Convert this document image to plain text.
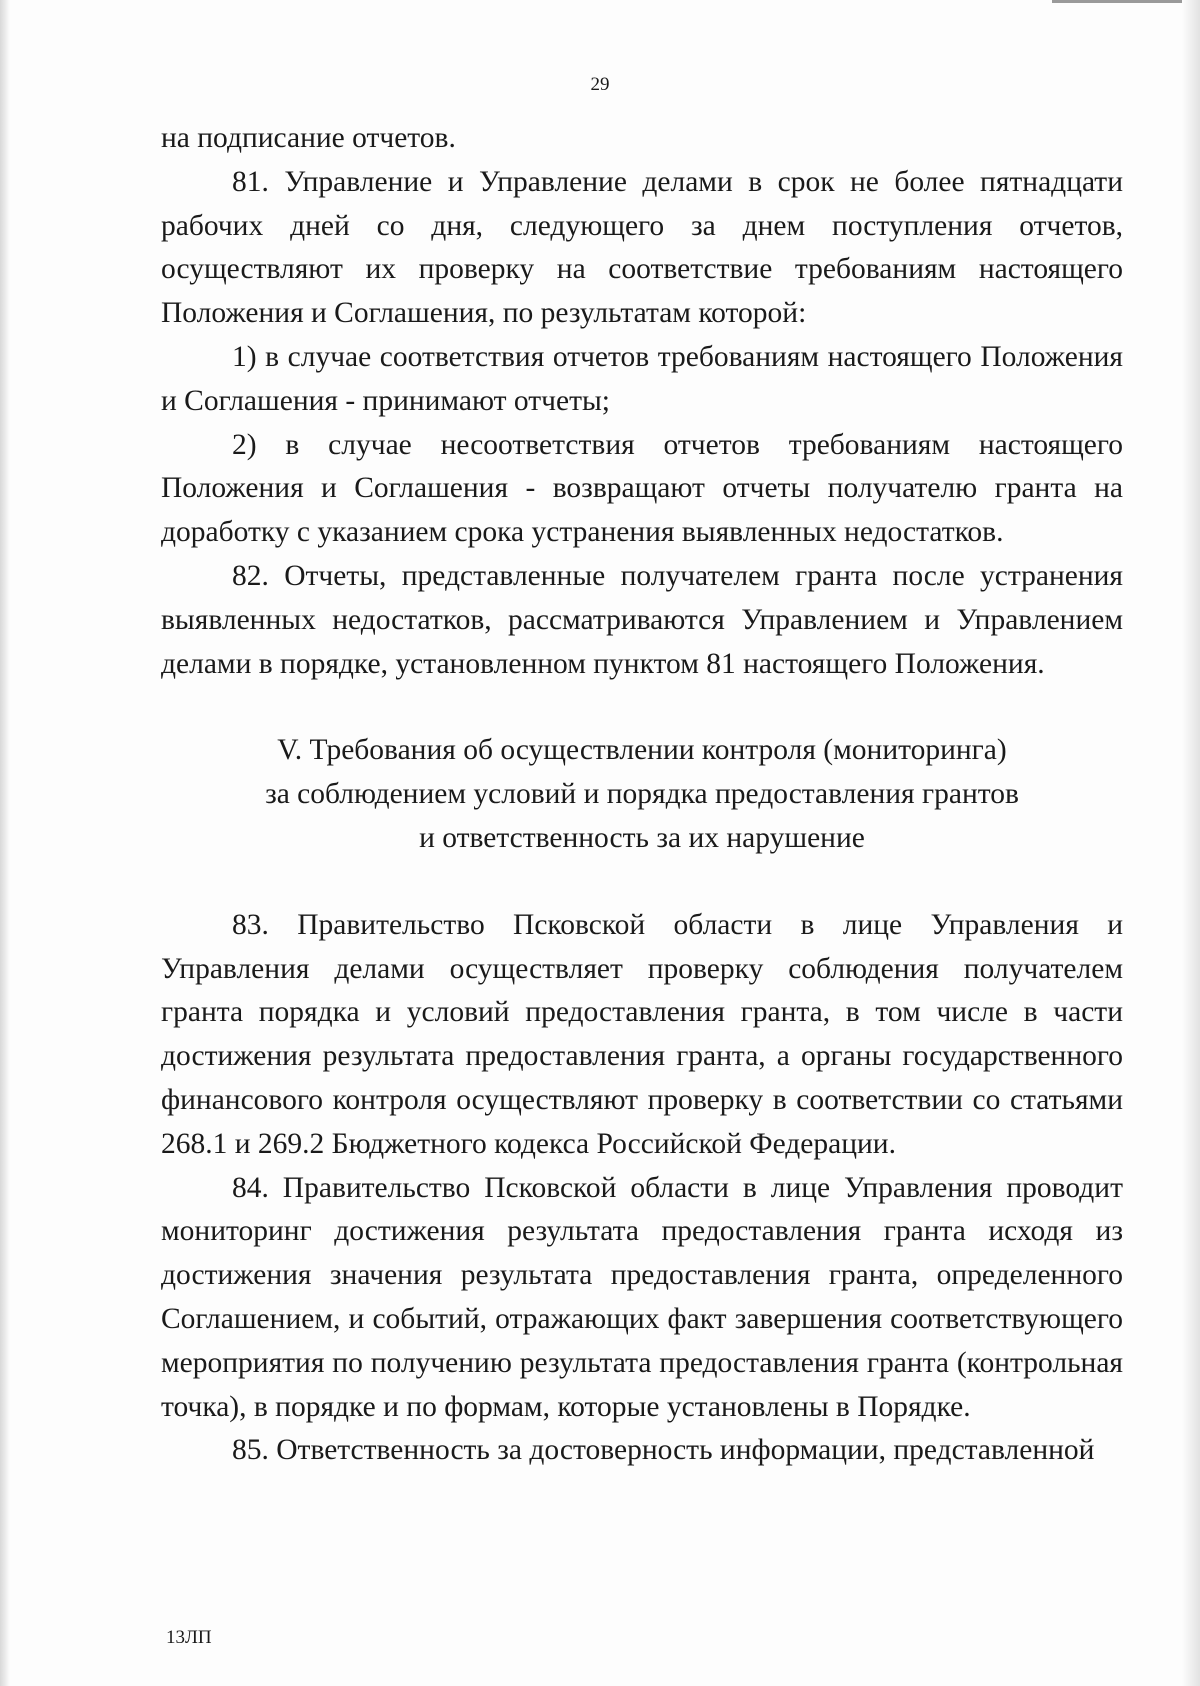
29

на подписание отчетов.

81. Управление и Управление делами в срок не более пятнадцати рабочих дней со дня, следующего за днем поступления отчетов, осуществляют их проверку на соответствие требованиям настоящего Положения и Соглашения, по результатам которой:

1) в случае соответствия отчетов требованиям настоящего Положения и Соглашения - принимают отчеты;

2) в случае несоответствия отчетов требованиям настоящего Положения и Соглашения - возвращают отчеты получателю гранта на доработку с указанием срока устранения выявленных недостатков.

82. Отчеты, представленные получателем гранта после устранения выявленных недостатков, рассматриваются Управлением и Управлением делами в порядке, установленном пунктом 81 настоящего Положения.

V. Требования об осуществлении контроля (мониторинга)
за соблюдением условий и порядка предоставления грантов
и ответственность за их нарушение

83. Правительство Псковской области в лице Управления и Управления делами осуществляет проверку соблюдения получателем гранта порядка и условий предоставления гранта, в том числе в части достижения результата предоставления гранта, а органы государственного финансового контроля осуществляют проверку в соответствии со статьями 268.1 и 269.2 Бюджетного кодекса Российской Федерации.

84. Правительство Псковской области в лице Управления проводит мониторинг достижения результата предоставления гранта исходя из достижения значения результата предоставления гранта, определенного Соглашением, и событий, отражающих факт завершения соответствующего мероприятия по получению результата предоставления гранта (контрольная точка), в порядке и по формам, которые установлены в Порядке.

85. Ответственность за достоверность информации, представленной

13ЛП
